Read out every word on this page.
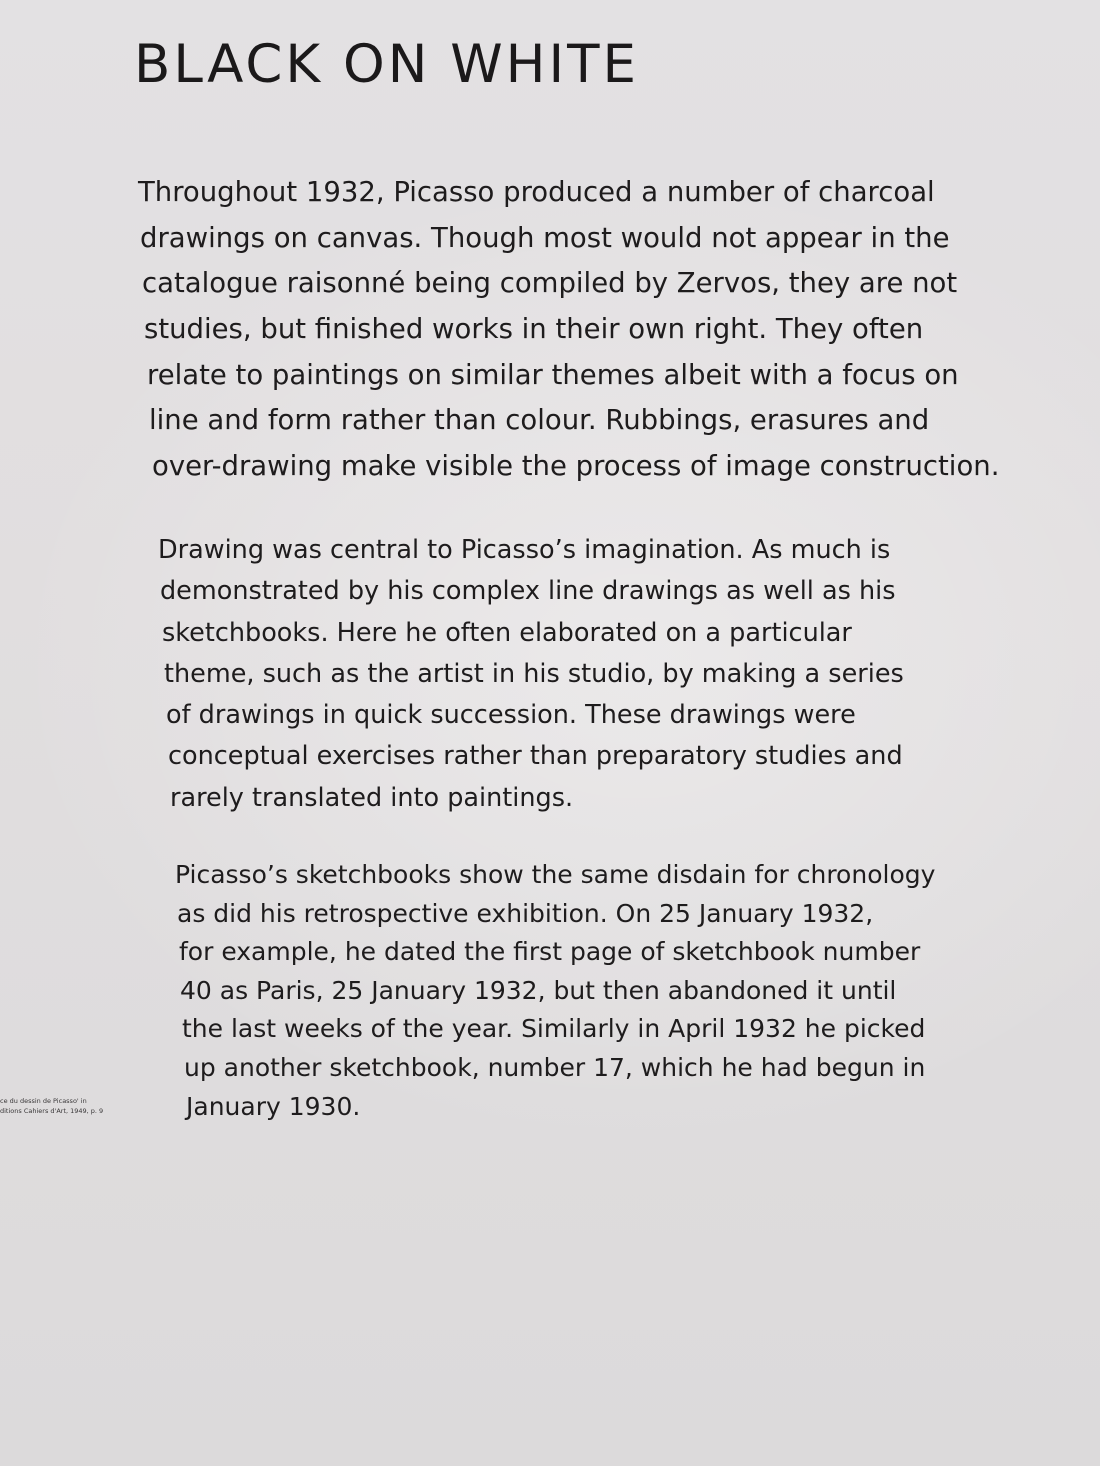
BLACK ON WHITE

Throughout 1932, Picasso produced a number of charcoal
drawings on canvas. Though most would not appear in the
catalogue raisonné being compiled by Zervos, they are not
studies, but finished works in their own right. They often
relate to paintings on similar themes albeit with a focus on
line and form rather than colour. Rubbings, erasures and
over-drawing make visible the process of image construction.

Drawing was central to Picasso’s imagination. As much is
demonstrated by his complex line drawings as well as his
sketchbooks. Here he often elaborated on a particular
theme, such as the artist in his studio, by making a series
of drawings in quick succession. These drawings were
conceptual exercises rather than preparatory studies and
rarely translated into paintings.

Picasso’s sketchbooks show the same disdain for chronology
as did his retrospective exhibition. On 25 January 1932,
for example, he dated the first page of sketchbook number
40 as Paris, 25 January 1932, but then abandoned it until
the last weeks of the year. Similarly in April 1932 he picked
up another sketchbook, number 17, which he had begun in
January 1930.

ce du dessin de Picasso' in
ditions Cahiers d'Art, 1949, p. 9
